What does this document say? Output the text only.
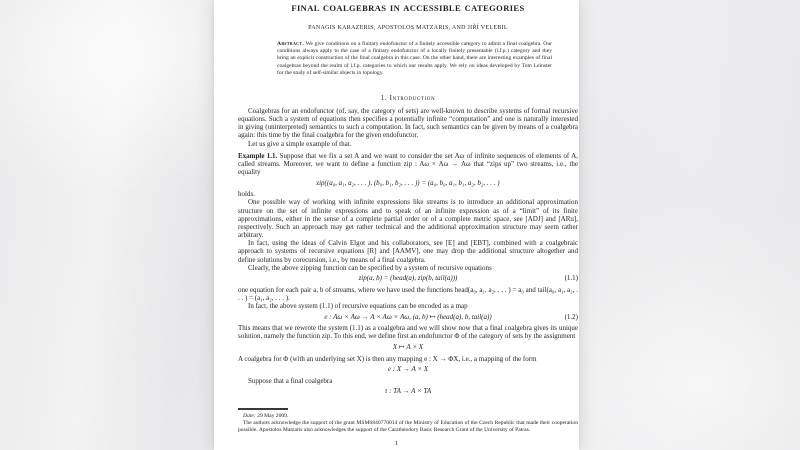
FINAL COALGEBRAS IN ACCESSIBLE CATEGORIES
PANAGIS KARAZERIS, APOSTOLOS MATZARIS, AND JIŘÍ VELEBIL
Abstract. We give conditions on a finitary endofunctor of a finitely accessible category to admit a final coalgebra. Our conditions always apply to the case of a finitary endofunctor of a locally finitely presentable (l.f.p.) category and they bring an explicit construction of the final coalgebra in this case. On the other hand, there are interesting examples of final coalgebras beyond the realm of l.f.p. categories to which our results apply. We rely on ideas developed by Tom Leinster for the study of self-similar objects in topology.
1. Introduction

Coalgebras for an endofunctor (of, say, the category of sets) are well-known to describe systems of formal recursive equations. Such a system of equations then specifies a potentially infinite “computation” and one is naturally interested in giving (uninterpreted) semantics to such a computation. In fact, such semantics can be given by means of a coalgebra again: this time by the final coalgebra for the given endofunctor.

Let us give a simple example of that.

Example 1.1. Suppose that we fix a set A and we want to consider the set Aω of infinite sequences of elements of A, called streams. Moreover, we want to define a function zip : Aω × Aω → Aω that “zips up” two streams, i.e., the equality

zip((a₀, a₁, a₂, . . . ), (b₀, b₁, b₂, . . . )) = (a₀, b₀, a₁, b₁, a₂, b₂, . . . )

holds.

One possible way of working with infinite expressions like streams is to introduce an additional approximation structure on the set of infinite expressions and to speak of an infinite expression as of a “limit” of its finite approximations, either in the sense of a complete partial order or of a complete metric space, see [ADJ] and [ARu], respectively. Such an approach may get rather technical and the additional approximation structure may seem rather arbitrary.

In fact, using the ideas of Calvin Elgot and his collaborators, see [E] and [EBT], combined with a coalgebraic approach to systems of recursive equations [R] and [AAMV], one may drop the additional structure altogether and define solutions by corecursion, i.e., by means of a final coalgebra.

Clearly, the above zipping function can be specified by a system of recursive equations

zip(a, b) = (head(a), zip(b, tail(a)))	(1.1)

one equation for each pair a, b of streams, where we have used the functions head(a₀, a₁, a₂, . . . ) = a₀ and tail(a₀, a₁, a₂, . . . ) = (a₁, a₂, . . . ).

In fact, the above system (1.1) of recursive equations can be encoded as a map

e : Aω × Aω → A × Aω × Aω, (a, b) ↦ (head(a), b, tail(a))	(1.2)

This means that we rewrote the system (1.1) as a coalgebra and we will show now that a final coalgebra gives its unique solution, namely the function zip. To this end, we define first an endofunctor Φ of the category of sets by the assignment

X ↦ A × X

A coalgebra for Φ (with an underlying set X) is then any mapping e : X → ΦX, i.e., a mapping of the form

e : X → A × X

Suppose that a final coalgebra

τ : TA → A × TA

Date: 29 May 2009.

The authors acknowledge the support of the grant MSM6840770014 of the Ministry of Education of the Czech Republic that made their cooperation possible. Apostolos Matzaris also acknowledges the support of the Carathéodory Basic Research Grant of the University of Patras.

1
